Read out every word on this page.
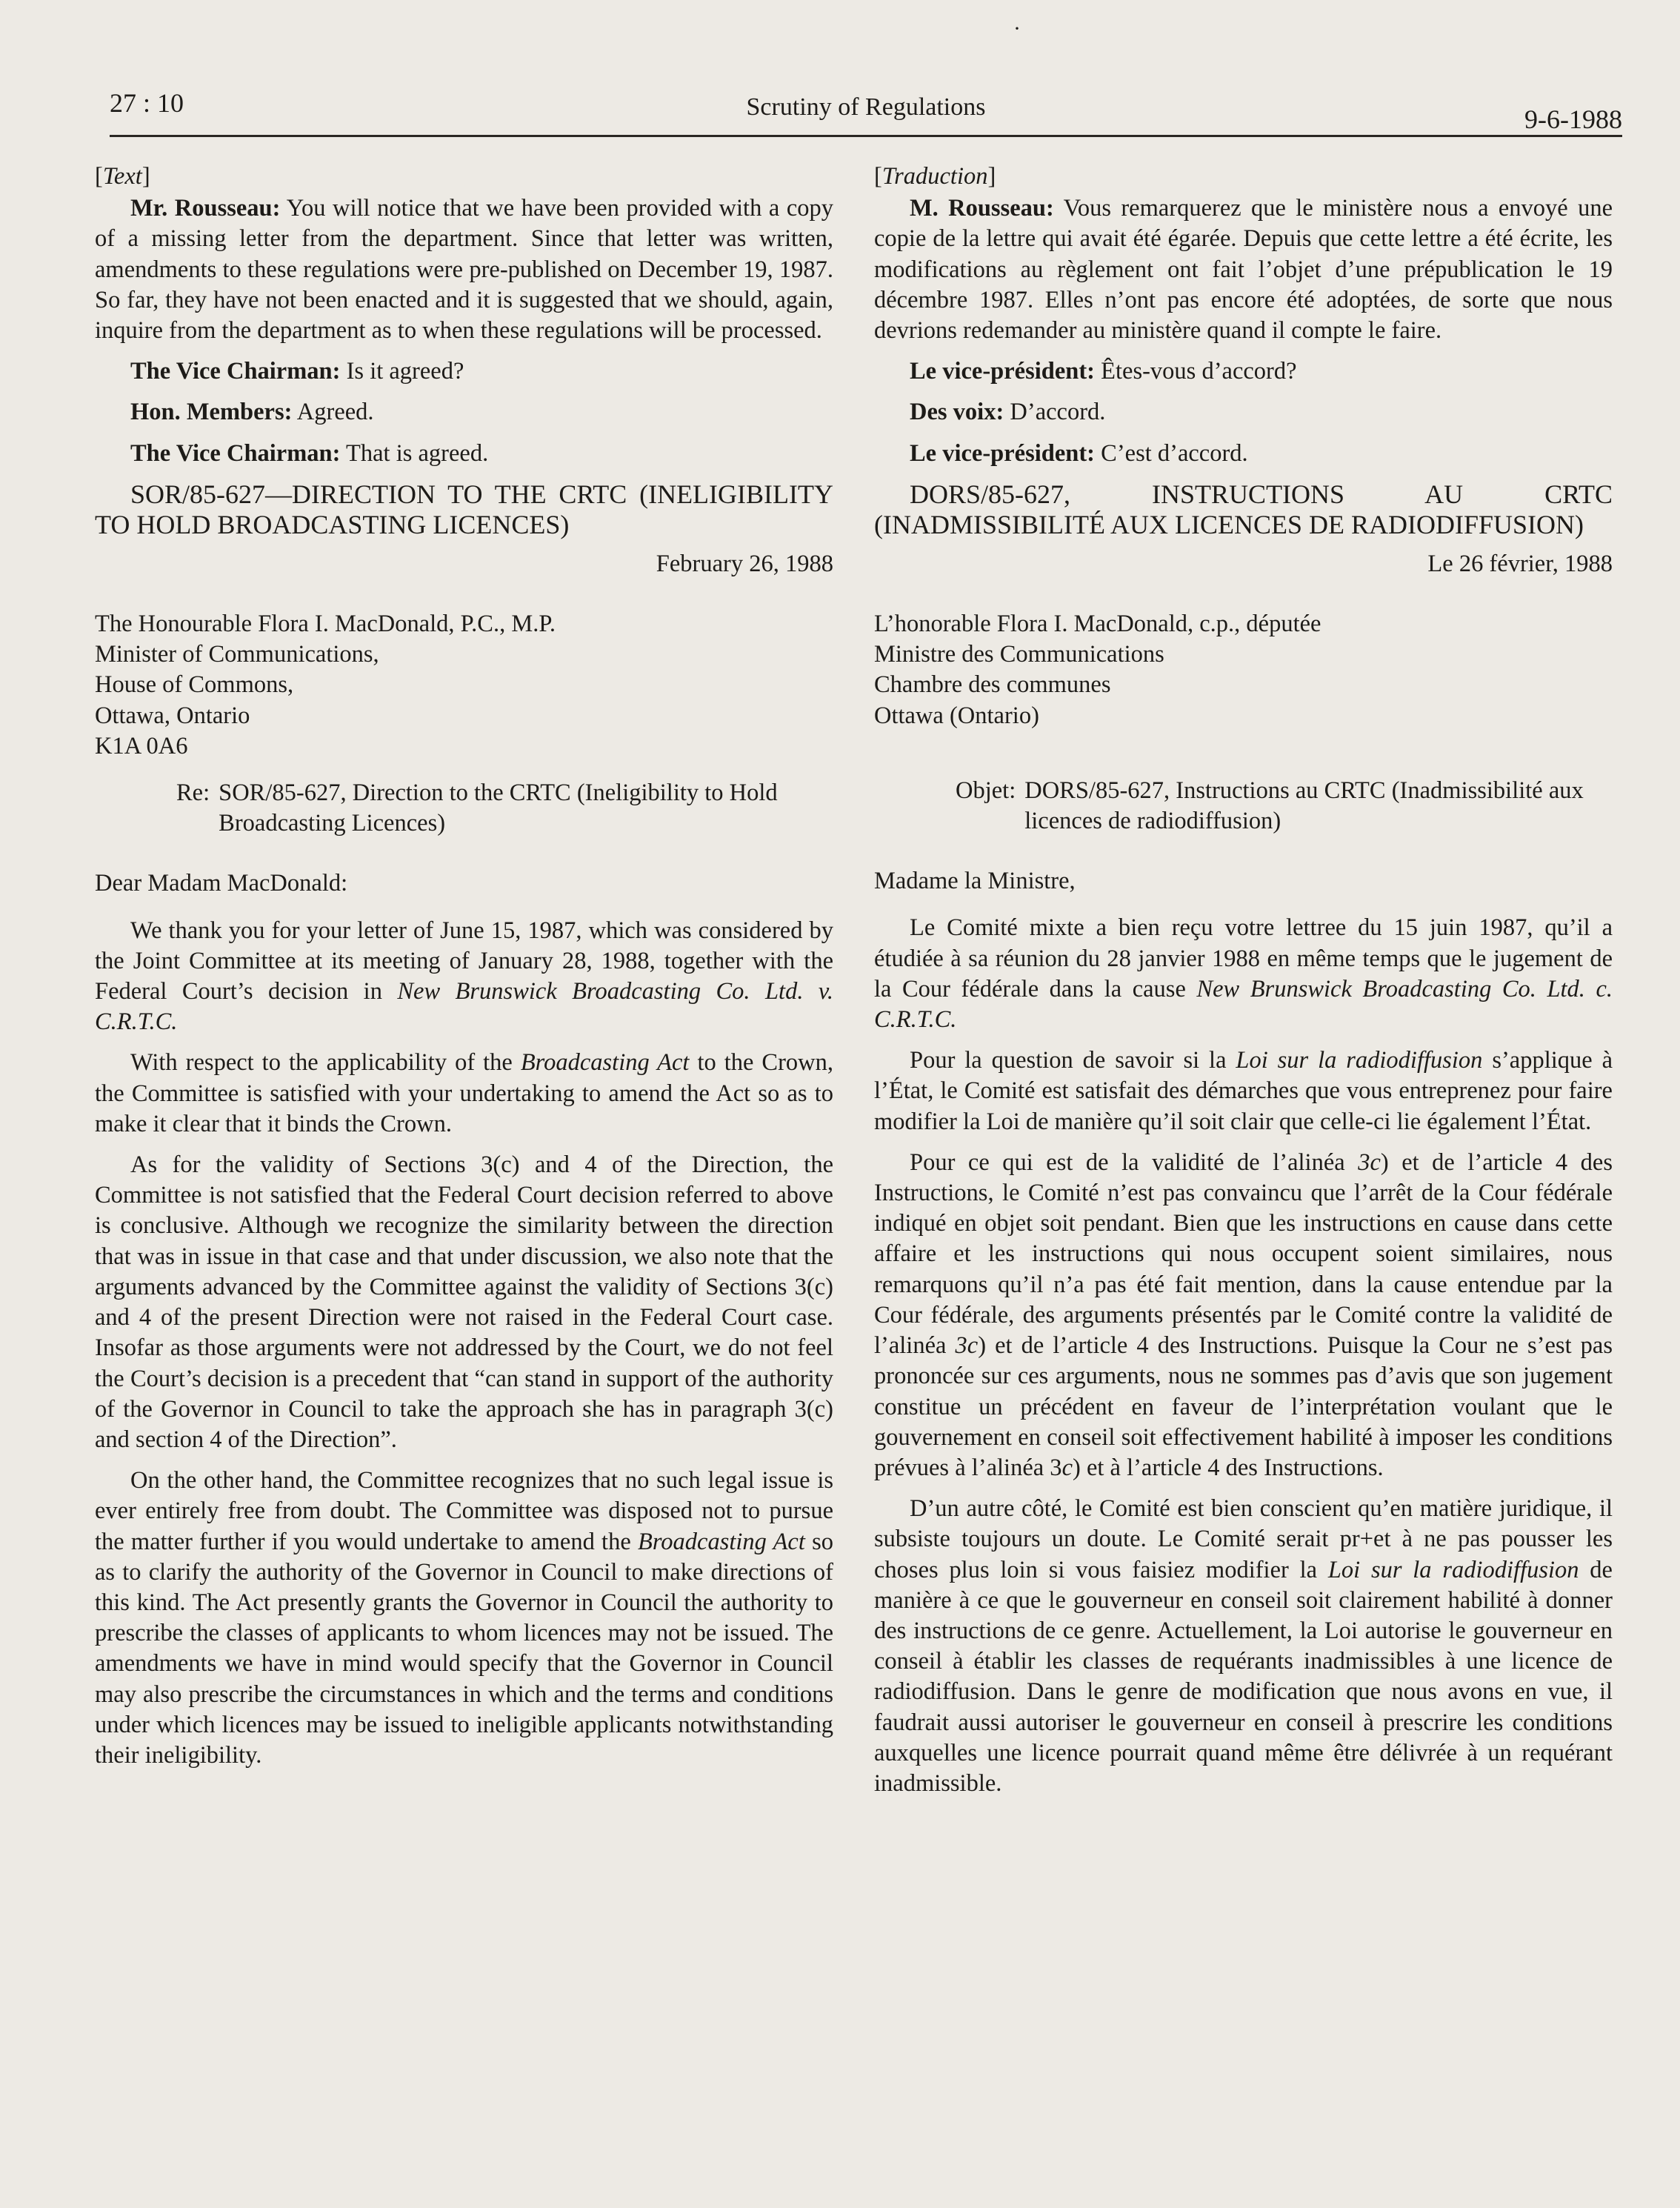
·
27 : 10	Scrutiny of Regulations	9-6-1988

[Text]

Mr. Rousseau: You will notice that we have been provided with a copy of a missing letter from the department. Since that letter was written, amendments to these regulations were pre-published on December 19, 1987. So far, they have not been enacted and it is suggested that we should, again, inquire from the department as to when these regulations will be processed.

The Vice Chairman: Is it agreed?

Hon. Members: Agreed.

The Vice Chairman: That is agreed.

SOR/85-627—DIRECTION TO THE CRTC (INELIGIBILITY TO HOLD BROADCASTING LICENCES)

February 26, 1988

The Honourable Flora I. MacDonald, P.C., M.P.

Minister of Communications,

House of Commons,

Ottawa, Ontario

K1A 0A6

Re: SOR/85-627, Direction to the CRTC (Ineligibility to Hold Broadcasting Licences)

Dear Madam MacDonald:

We thank you for your letter of June 15, 1987, which was considered by the Joint Committee at its meeting of January 28, 1988, together with the Federal Court’s decision in New Brunswick Broadcasting Co. Ltd. v. C.R.T.C.

With respect to the applicability of the Broadcasting Act to the Crown, the Committee is satisfied with your undertaking to amend the Act so as to make it clear that it binds the Crown.

As for the validity of Sections 3(c) and 4 of the Direction, the Committee is not satisfied that the Federal Court decision referred to above is conclusive. Although we recognize the similarity between the direction that was in issue in that case and that under discussion, we also note that the arguments advanced by the Committee against the validity of Sections 3(c) and 4 of the present Direction were not raised in the Federal Court case. Insofar as those arguments were not addressed by the Court, we do not feel the Court’s decision is a precedent that “can stand in support of the authority of the Governor in Council to take the approach she has in paragraph 3(c) and section 4 of the Direction”.

On the other hand, the Committee recognizes that no such legal issue is ever entirely free from doubt. The Committee was disposed not to pursue the matter further if you would undertake to amend the Broadcasting Act so as to clarify the authority of the Governor in Council to make directions of this kind. The Act presently grants the Governor in Council the authority to prescribe the classes of applicants to whom licences may not be issued. The amendments we have in mind would specify that the Governor in Council may also prescribe the circumstances in which and the terms and conditions under which licences may be issued to ineligible applicants notwithstanding their ineligibility.

[Traduction]

M. Rousseau: Vous remarquerez que le ministère nous a envoyé une copie de la lettre qui avait été égarée. Depuis que cette lettre a été écrite, les modifications au règlement ont fait l’objet d’une prépublication le 19 décembre 1987. Elles n’ont pas encore été adoptées, de sorte que nous devrions redemander au ministère quand il compte le faire.

Le vice-président: Êtes-vous d’accord?

Des voix: D’accord.

Le vice-président: C’est d’accord.

DORS/85-627, INSTRUCTIONS AU CRTC (INADMISSIBILITÉ AUX LICENCES DE RADIODIFFUSION)

Le 26 février, 1988

L’honorable Flora I. MacDonald, c.p., députée

Ministre des Communications

Chambre des communes

Ottawa (Ontario)

Objet: DORS/85-627, Instructions au CRTC (Inadmissibilité aux licences de radiodiffusion)

Madame la Ministre,

Le Comité mixte a bien reçu votre lettree du 15 juin 1987, qu’il a étudiée à sa réunion du 28 janvier 1988 en même temps que le jugement de la Cour fédérale dans la cause New Brunswick Broadcasting Co. Ltd. c. C.R.T.C.

Pour la question de savoir si la Loi sur la radiodiffusion s’applique à l’État, le Comité est satisfait des démarches que vous entreprenez pour faire modifier la Loi de manière qu’il soit clair que celle-ci lie également l’État.

Pour ce qui est de la validité de l’alinéa 3c) et de l’article 4 des Instructions, le Comité n’est pas convaincu que l’arrêt de la Cour fédérale indiqué en objet soit pendant. Bien que les instructions en cause dans cette affaire et les instructions qui nous occupent soient similaires, nous remarquons qu’il n’a pas été fait mention, dans la cause entendue par la Cour fédérale, des arguments présentés par le Comité contre la validité de l’alinéa 3c) et de l’article 4 des Instructions. Puisque la Cour ne s’est pas prononcée sur ces arguments, nous ne sommes pas d’avis que son jugement constitue un précédent en faveur de l’interprétation voulant que le gouvernement en conseil soit effectivement habilité à imposer les conditions prévues à l’alinéa 3c) et à l’article 4 des Instructions.

D’un autre côté, le Comité est bien conscient qu’en matière juridique, il subsiste toujours un doute. Le Comité serait pr+et à ne pas pousser les choses plus loin si vous faisiez modifier la Loi sur la radiodiffusion de manière à ce que le gouverneur en conseil soit clairement habilité à donner des instructions de ce genre. Actuellement, la Loi autorise le gouverneur en conseil à établir les classes de requérants inadmissibles à une licence de radiodiffusion. Dans le genre de modification que nous avons en vue, il faudrait aussi autoriser le gouverneur en conseil à prescrire les conditions auxquelles une licence pourrait quand même être délivrée à un requérant inadmissible.
